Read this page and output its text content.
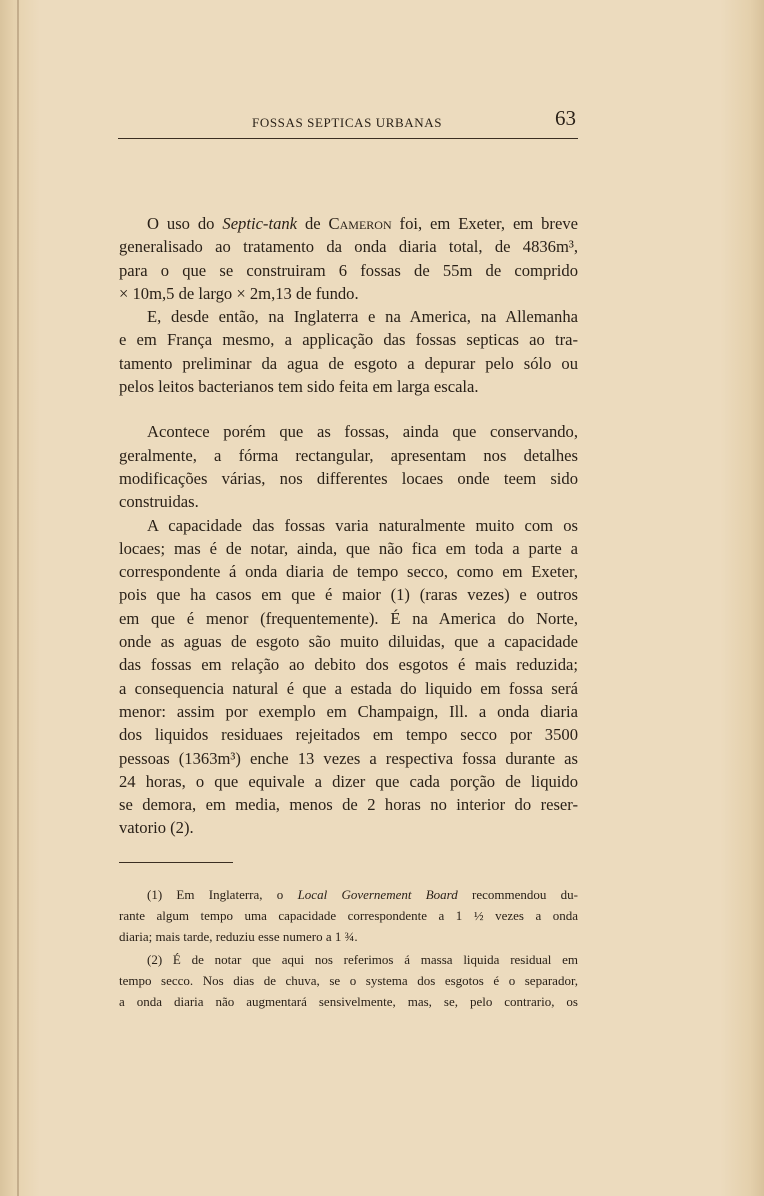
FOSSAS SEPTICAS URBANAS	63
O uso do Septic-tank de Cameron foi, em Exeter, em breve
generalisado ao tratamento da onda diaria total, de 4836m³,
para o que se construiram 6 fossas de 55m de comprido
× 10m,5 de largo × 2m,13 de fundo.
E, desde então, na Inglaterra e na America, na Allemanha
e em França mesmo, a applicação das fossas septicas ao tra-
tamento preliminar da agua de esgoto a depurar pelo sólo ou
pelos leitos bacterianos tem sido feita em larga escala.
Acontece porém que as fossas, ainda que conservando,
geralmente, a fórma rectangular, apresentam nos detalhes
modificações várias, nos differentes locaes onde teem sido
construidas.
A capacidade das fossas varia naturalmente muito com os
locaes; mas é de notar, ainda, que não fica em toda a parte a
correspondente á onda diaria de tempo secco, como em Exeter,
pois que ha casos em que é maior (1) (raras vezes) e outros
em que é menor (frequentemente). É na America do Norte,
onde as aguas de esgoto são muito diluidas, que a capacidade
das fossas em relação ao debito dos esgotos é mais reduzida;
a consequencia natural é que a estada do liquido em fossa será
menor: assim por exemplo em Champaign, Ill. a onda diaria
dos liquidos residuaes rejeitados em tempo secco por 3500
pessoas (1363m³) enche 13 vezes a respectiva fossa durante as
24 horas, o que equivale a dizer que cada porção de liquido
se demora, em media, menos de 2 horas no interior do reser-
vatorio (2).
(1) Em Inglaterra, o Local Governement Board recommendou du-
rante algum tempo uma capacidade correspondente a 1 ½ vezes a onda
diaria; mais tarde, reduziu esse numero a 1 ¾.
(2) É de notar que aqui nos referimos á massa liquida residual em
tempo secco. Nos dias de chuva, se o systema dos esgotos é o separador,
a onda diaria não augmentará sensivelmente, mas, se, pelo contrario, os
